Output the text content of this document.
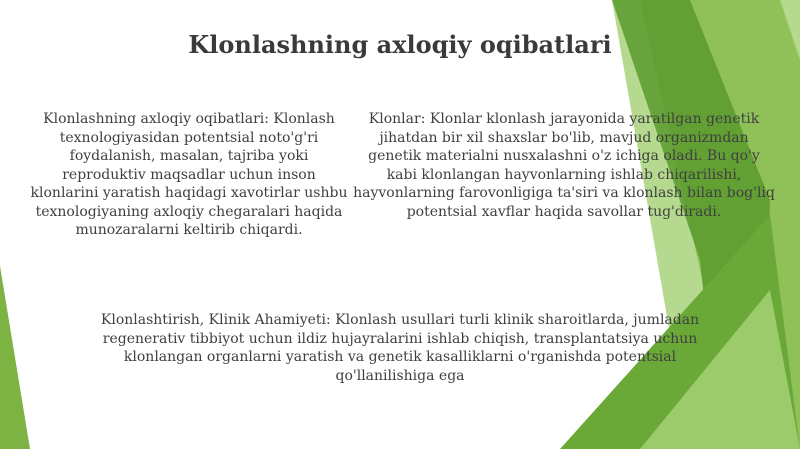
Klonlashning axloqiy oqibatlari
Klonlashning axloqiy oqibatlari: Klonlash texnologiyasidan potentsial noto'g'ri foydalanish, masalan, tajriba yoki reproduktiv maqsadlar uchun inson klonlarini yaratish haqidagi xavotirlar ushbu texnologiyaning axloqiy chegaralari haqida munozaralarni keltirib chiqardi.
Klonlar: Klonlar klonlash jarayonida yaratilgan genetik jihatdan bir xil shaxslar bo'lib, mavjud organizmdan genetik materialni nusxalashni o'z ichiga oladi. Bu qo'y kabi klonlangan hayvonlarning ishlab chiqarilishi, hayvonlarning farovonligiga ta'siri va klonlash bilan bog'liq potentsial xavflar haqida savollar tug'diradi.
Klonlashtirish, Klinik Ahamiyeti: Klonlash usullari turli klinik sharoitlarda, jumladan regenerativ tibbiyot uchun ildiz hujayralarini ishlab chiqish, transplantatsiya uchun klonlangan organlarni yaratish va genetik kasalliklarni o'rganishda potentsial qo'llanilishiga ega
